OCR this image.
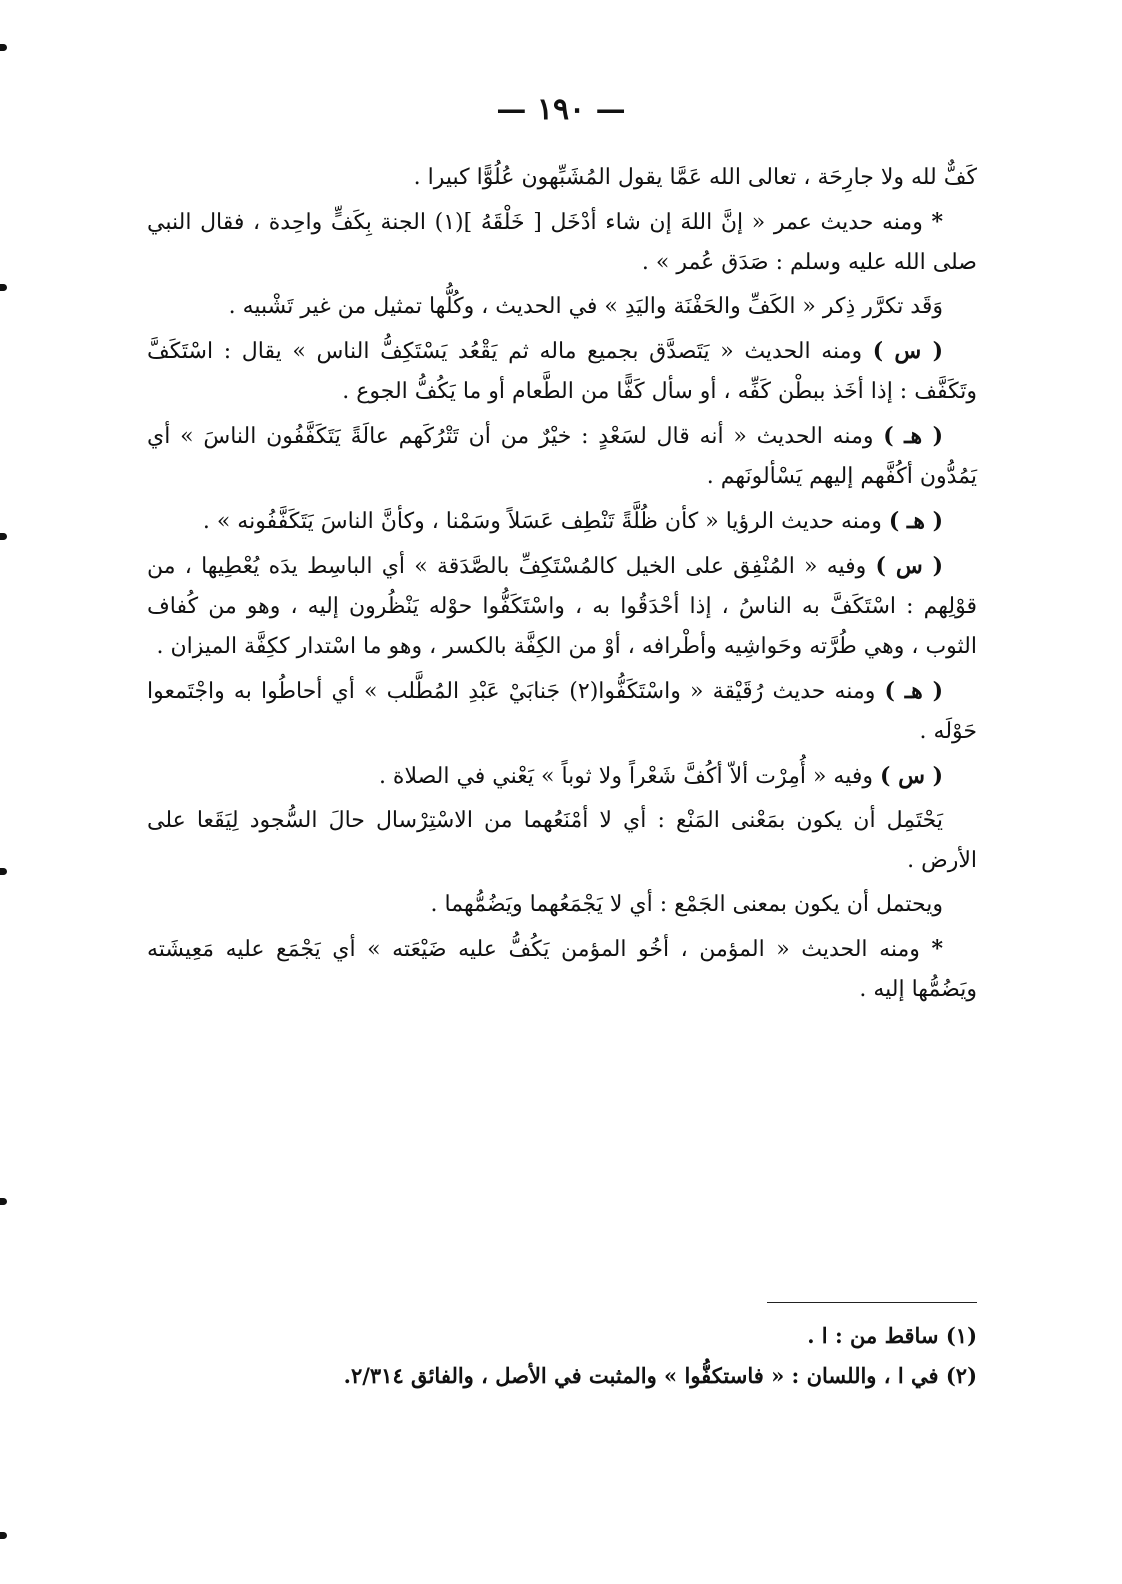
— ١٩٠ —

كَفٌّ لله ولا جارِحَة ، تعالى الله عَمَّا يقول المُشَبِّهون عُلُوًّا كبيرا .

* ومنه حديث عمر « إنَّ اللهَ إن شاء أدْخَل [ خَلْقَهُ ](١) الجنة بِكَفٍّ واحِدة ، فقال النبي صلى الله عليه وسلم : صَدَق عُمر » .

وَقَد تكرَّر ذِكر « الكَفِّ والحَفْنَة واليَدِ » في الحديث ، وكُلُّها تمثيل من غير تَشْبيه .

( س ) ومنه الحديث « يَتَصدَّق بجميع ماله ثم يَقْعُد يَسْتَكِفُّ الناس » يقال : اسْتَكَفَّ وتَكَفَّف : إذا أخَذ ببطْن كَفِّه ، أو سأل كَفًّا من الطَّعام أو ما يَكُفُّ الجوع .

( هـ ) ومنه الحديث « أنه قال لسَعْدٍ : خيْرٌ من أن تَتْرُكَهم عالَةً يَتَكَفَّفُون الناسَ » أي يَمُدُّون أكُفَّهم إليهم يَسْألونَهم .

( هـ ) ومنه حديث الرؤيا « كأن ظُلَّةً تَنْطِف عَسَلاً وسَمْنا ، وكأنَّ الناسَ يَتَكَفَّفُونه » .

( س ) وفيه « المُنْفِق على الخيل كالمُسْتَكِفِّ بالصَّدَقة » أي الباسِط يدَه يُعْطِيها ، من قوْلِهم : اسْتَكَفَّ به الناسُ ، إذا أحْدَقُوا به ، واسْتَكَفُّوا حوْله يَنْظُرون إليه ، وهو من كُفاف الثوب ، وهي طُرَّته وحَواشِيه وأطْرافه ، أوْ من الكِفَّة بالكسر ، وهو ما اسْتدار ككِفَّة الميزان .

( هـ ) ومنه حديث رُقَيْقة « واسْتَكَفُّوا(٢) جَنابَيْ عَبْدِ المُطَّلب » أي أحاطُوا به واجْتَمعوا حَوْلَه .

( س ) وفيه « أُمِرْت ألاّ أكُفَّ شَعْراً ولا ثوباً » يَعْني في الصلاة .

يَحْتَمِل أن يكون بمَعْنى المَنْع : أي لا أمْنَعُهما من الاسْتِرْسال حالَ السُّجود لِيَقَعا على الأرض .

ويحتمل أن يكون بمعنى الجَمْع : أي لا يَجْمَعُهما ويَضُمُّهما .

* ومنه الحديث « المؤمن ، أخُو المؤمن يَكُفُّ عليه ضَيْعَته » أي يَجْمَع عليه مَعِيشَته ويَضُمُّها إليه .

(١) ساقط من : ا .

(٢) في ا ، واللسان : « فاستكفُّوا » والمثبت في الأصل ، والفائق ٢/٣١٤.
